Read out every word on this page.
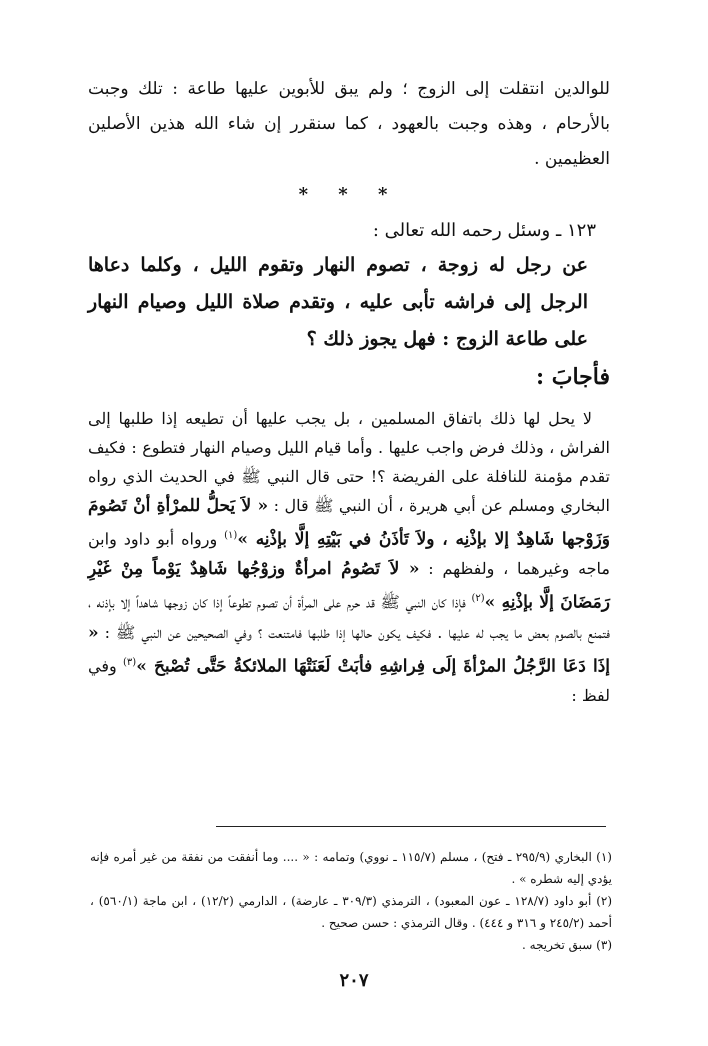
للوالدين انتقلت إلى الزوج ؛ ولم يبق للأبوين عليها طاعة : تلك وجبت بالأرحام ، وهذه وجبت بالعهود ، كما سنقرر إن شاء الله هذين الأصلين العظيمين .

* * *

١٢٣ ـ وسئل رحمه الله تعالى :

عن رجل له زوجة ، تصوم النهار وتقوم الليل ، وكلما دعاها الرجل إلى فراشه تأبى عليه ، وتقدم صلاة الليل وصيام النهار على طاعة الزوج : فهل يجوز ذلك ؟

فأجابَ :

لا يحل لها ذلك باتفاق المسلمين ، بل يجب عليها أن تطيعه إذا طلبها إلى الفراش ، وذلك فرض واجب عليها . وأما قيام الليل وصيام النهار فتطوع : فكيف تقدم مؤمنة للنافلة على الفريضة ؟! حتى قال النبي ﷺ في الحديث الذي رواه البخاري ومسلم عن أبي هريرة ، أن النبي ﷺ قال : « لاَ يَحلُّ للمرْأةِ أنْ تَصُومَ وَزَوْجها شَاهِدٌ إلا بإذْنِه ، ولاَ تَأذَنُ في بَيْتِهِ إلَّا بإذْنِه »$^{(١)}$ ورواه أبو داود وابن ماجه وغيرهما ، ولفظهم : « لاَ تَصُومُ امرأةٌ وزوْجُها شَاهِدٌ يَوْماً مِنْ غَيْرِ رَمَضَانَ إلَّا بإذْنِهِ »$^{(٢)}$ فإذا كان النبي ﷺ قد حرم على المرأة أن تصوم تطوعاً إذا كان زوجها شاهداً إلا بإذنه ، فتمنع بالصوم بعض ما يجب له عليها . فكيف يكون حالها إذا طلبها فامتنعت ؟ وفي الصحيحين عن النبي ﷺ : « إذَا دَعَا الرَّجُلُ المرْأةَ إلَى فِراشِهِ فأبَتْ لَعَنَتْهَا الملائكةُ حَتَّى تُصْبحَ »$^{(٣)}$ وفي لفظ :

(١) البخاري (٢٩٥/٩ ـ فتح) ، مسلم (١١٥/٧ ـ نووي) وتمامه : « .... وما أنفقت من نفقة من غير أمره فإنه يؤدي إليه شطره » .

(٢) أبو داود (١٢٨/٧ ـ عون المعبود) ، الترمذي (٣٠٩/٣ ـ عارضة) ، الدارمي (١٢/٢) ، ابن ماجة (٥٦٠/١) ، أحمد (٢٤٥/٢ و ٣١٦ و ٤٤٤) . وقال الترمذي : حسن صحيح .

(٣) سبق تخريجه .

٢٠٧
